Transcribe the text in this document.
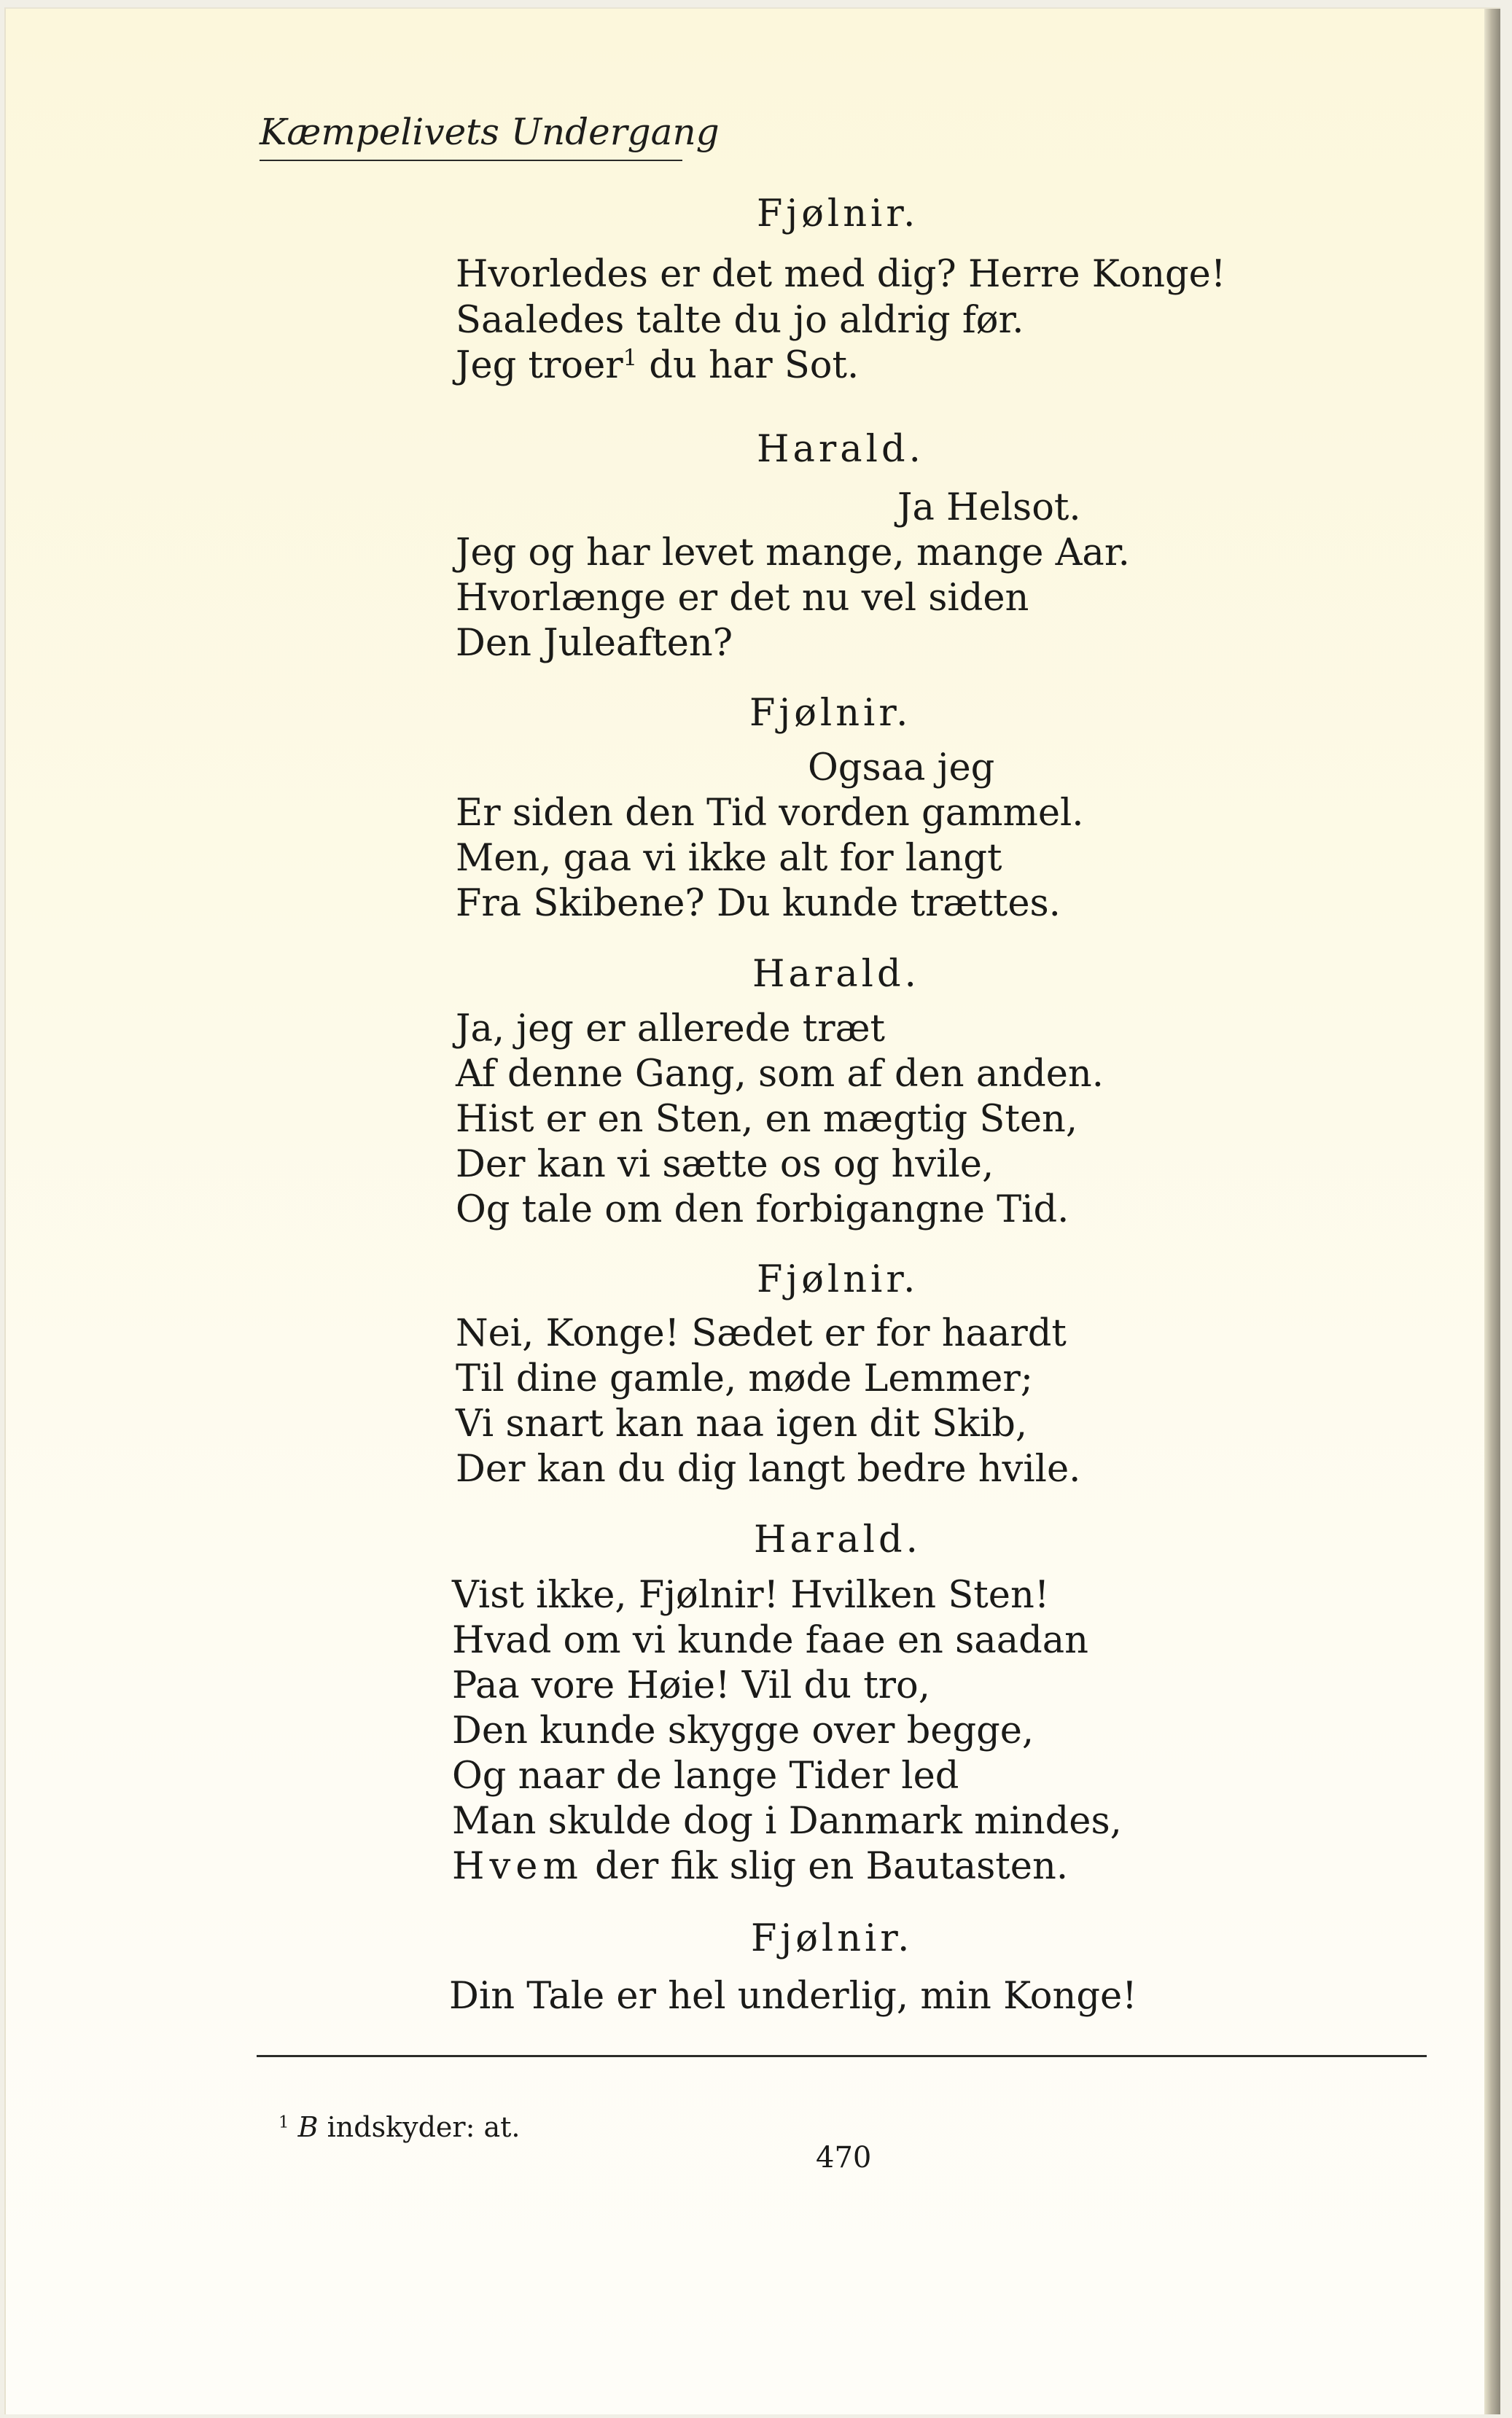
Kæmpelivets Undergang

Fjølnir.

Hvorledes er det med dig? Herre Konge!

Saaledes talte du jo aldrig før.

Jeg troer$^1$ du har Sot.

Harald.

Ja Helsot.

Jeg og har levet mange, mange Aar.

Hvorlænge er det nu vel siden

Den Juleaften?

Fjølnir.

Ogsaa jeg

Er siden den Tid vorden gammel.

Men, gaa vi ikke alt for langt

Fra Skibene? Du kunde trættes.

Harald.

Ja, jeg er allerede træt

Af denne Gang, som af den anden.

Hist er en Sten, en mægtig Sten,

Der kan vi sætte os og hvile,

Og tale om den forbigangne Tid.

Fjølnir.

Nei, Konge! Sædet er for haardt

Til dine gamle, møde Lemmer;

Vi snart kan naa igen dit Skib,

Der kan du dig langt bedre hvile.

Harald.

Vist ikke, Fjølnir! Hvilken Sten!

Hvad om vi kunde faae en saadan

Paa vore Høie! Vil du tro,

Den kunde skygge over begge,

Og naar de lange Tider led

Man skulde dog i Danmark mindes,

Hvem der fik slig en Bautasten.

Fjølnir.

Din Tale er hel underlig, min Konge!

$^1$ B indskyder: at.

470
